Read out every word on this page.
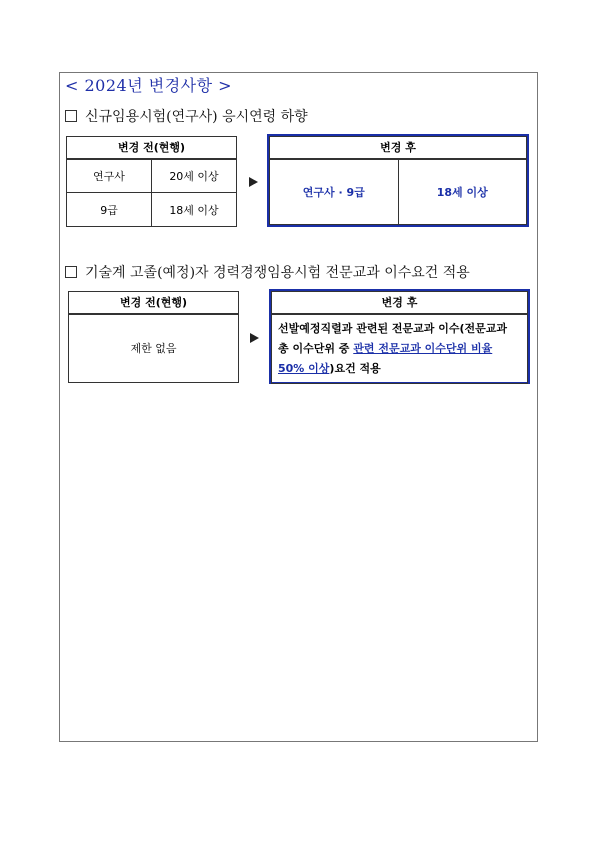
< 2024년 변경사항 >
신규임용시험(연구사) 응시연령 하향
변경 전(현행)	
연구사	20세 이상
9급	18세 이상
변경 후
연구사 · 9급	18세 이상
기술계 고졸(예정)자 경력경쟁임용시험 전문교과 이수요건 적용
변경 전(현행)
제한 없음
변경 후
선발예정직렬과 관련된 전문교과 이수(전문교과 총 이수단위 중 관련 전문교과 이수단위 비율 50% 이상)요건 적용
